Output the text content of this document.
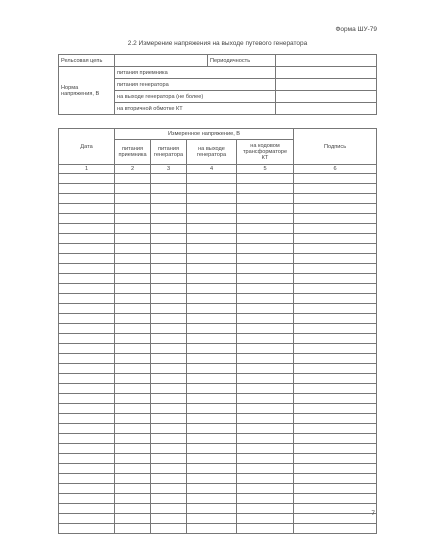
Форма ШУ-79
2.2 Измерение напряжения на выходе путевого генератора
Рельсовая цепь		Периодичность	
Норма напряжения, В	питания приемника		
	питания генератора		
	на выходе генератора (не более)		
	на вторичной обмотке КТ		
Дата	Измеренное напряжение, В				Подпись
	питания приемника	питания генератора	на выходе генератора	на кодовом трансформаторе КТ	
1	2	3	4	5	6

7
